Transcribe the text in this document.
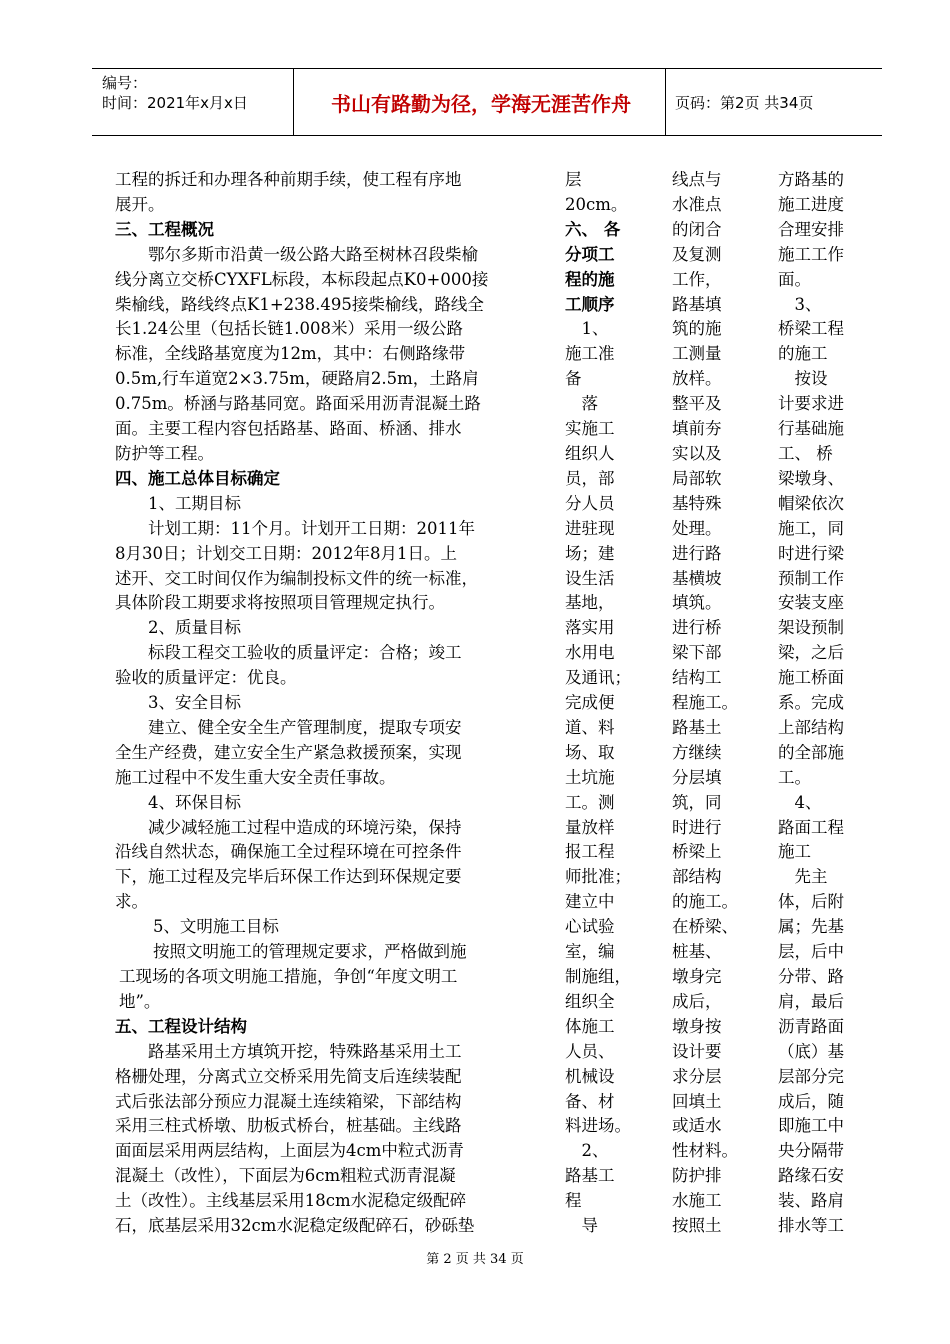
编号：
时间：2021年x月x日	书山有路勤为径，学海无涯苦作舟	页码：第2页 共34页

工程的拆迁和办理各种前期手续，使工程有序地

展开。

三、工程概况

鄂尔多斯市沿黄一级公路大路至树林召段柴榆

线分离立交桥CYXFL标段，本标段起点K0+000接

柴榆线，路线终点K1+238.495接柴榆线，路线全

长1.24公里（包括长链1.008米）采用一级公路

标准，全线路基宽度为12m，其中：右侧路缘带

0.5m,行车道宽2×3.75m，硬路肩2.5m，土路肩

0.75m。桥涵与路基同宽。路面采用沥青混凝土路

面。主要工程内容包括路基、路面、桥涵、排水

防护等工程。

四、施工总体目标确定

1、工期目标

计划工期：11个月。计划开工日期：2011年

8月30日；计划交工日期：2012年8月1日。上

述开、交工时间仅作为编制投标文件的统一标准，

具体阶段工期要求将按照项目管理规定执行。

2、质量目标

标段工程交工验收的质量评定：合格；竣工

验收的质量评定：优良。

3、安全目标

建立、健全安全生产管理制度，提取专项安

全生产经费，建立安全生产紧急救援预案，实现

施工过程中不发生重大安全责任事故。

4、环保目标

减少减轻施工过程中造成的环境污染，保持

沿线自然状态，确保施工全过程环境在可控条件

下，施工过程及完毕后环保工作达到环保规定要

求。

5、文明施工目标

按照文明施工的管理规定要求，严格做到施

工现场的各项文明施工措施，争创“年度文明工

地”。

五、工程设计结构

路基采用土方填筑开挖，特殊路基采用土工

格栅处理，分离式立交桥采用先简支后连续装配

式后张法部分预应力混凝土连续箱梁，下部结构

采用三柱式桥墩、肋板式桥台，桩基础。主线路

面面层采用两层结构，上面层为4cm中粒式沥青

混凝土（改性），下面层为6cm粗粒式沥青混凝

土（改性）。主线基层采用18cm水泥稳定级配碎

石，底基层采用32cm水泥稳定级配碎石，砂砾垫

层

20cm。

六、 各

分项工

程的施

工顺序

　1、

施工准

备

　落

实施工

组织人

员，部

分人员

进驻现

场；建

设生活

基地，

落实用

水用电

及通讯；

完成便

道、料

场、取

土坑施

工。测

量放样

报工程

师批准；

建立中

心试验

室，编

制施组，

组织全

体施工

人员、

机械设

备、材

料进场。

　2、

路基工

程

　导

线点与

水准点

的闭合

及复测

工作，

路基填

筑的施

工测量

放样。

整平及

填前夯

实以及

局部软

基特殊

处理。

进行路

基横坡

填筑。

进行桥

梁下部

结构工

程施工。

路基土

方继续

分层填

筑，同

时进行

桥梁上

部结构

的施工。

在桥梁、

桩基、

墩身完

成后，

墩身按

设计要

求分层

回填土

或适水

性材料。

防护排

水施工

按照土

方路基的

施工进度

合理安排

施工工作

面。

　3、

桥梁工程

的施工

　按设

计要求进

行基础施

工、 桥

梁墩身、

帽梁依次

施工，同

时进行梁

预制工作

安装支座

架设预制

梁，之后

施工桥面

系。完成

上部结构

的全部施

工。

　4、

路面工程

施工

　先主

体，后附

属；先基

层，后中

分带、路

肩，最后

沥青路面

（底）基

层部分完

成后，随

即施工中

央分隔带

路缘石安

装、路肩

排水等工

第 2 页 共 34 页
